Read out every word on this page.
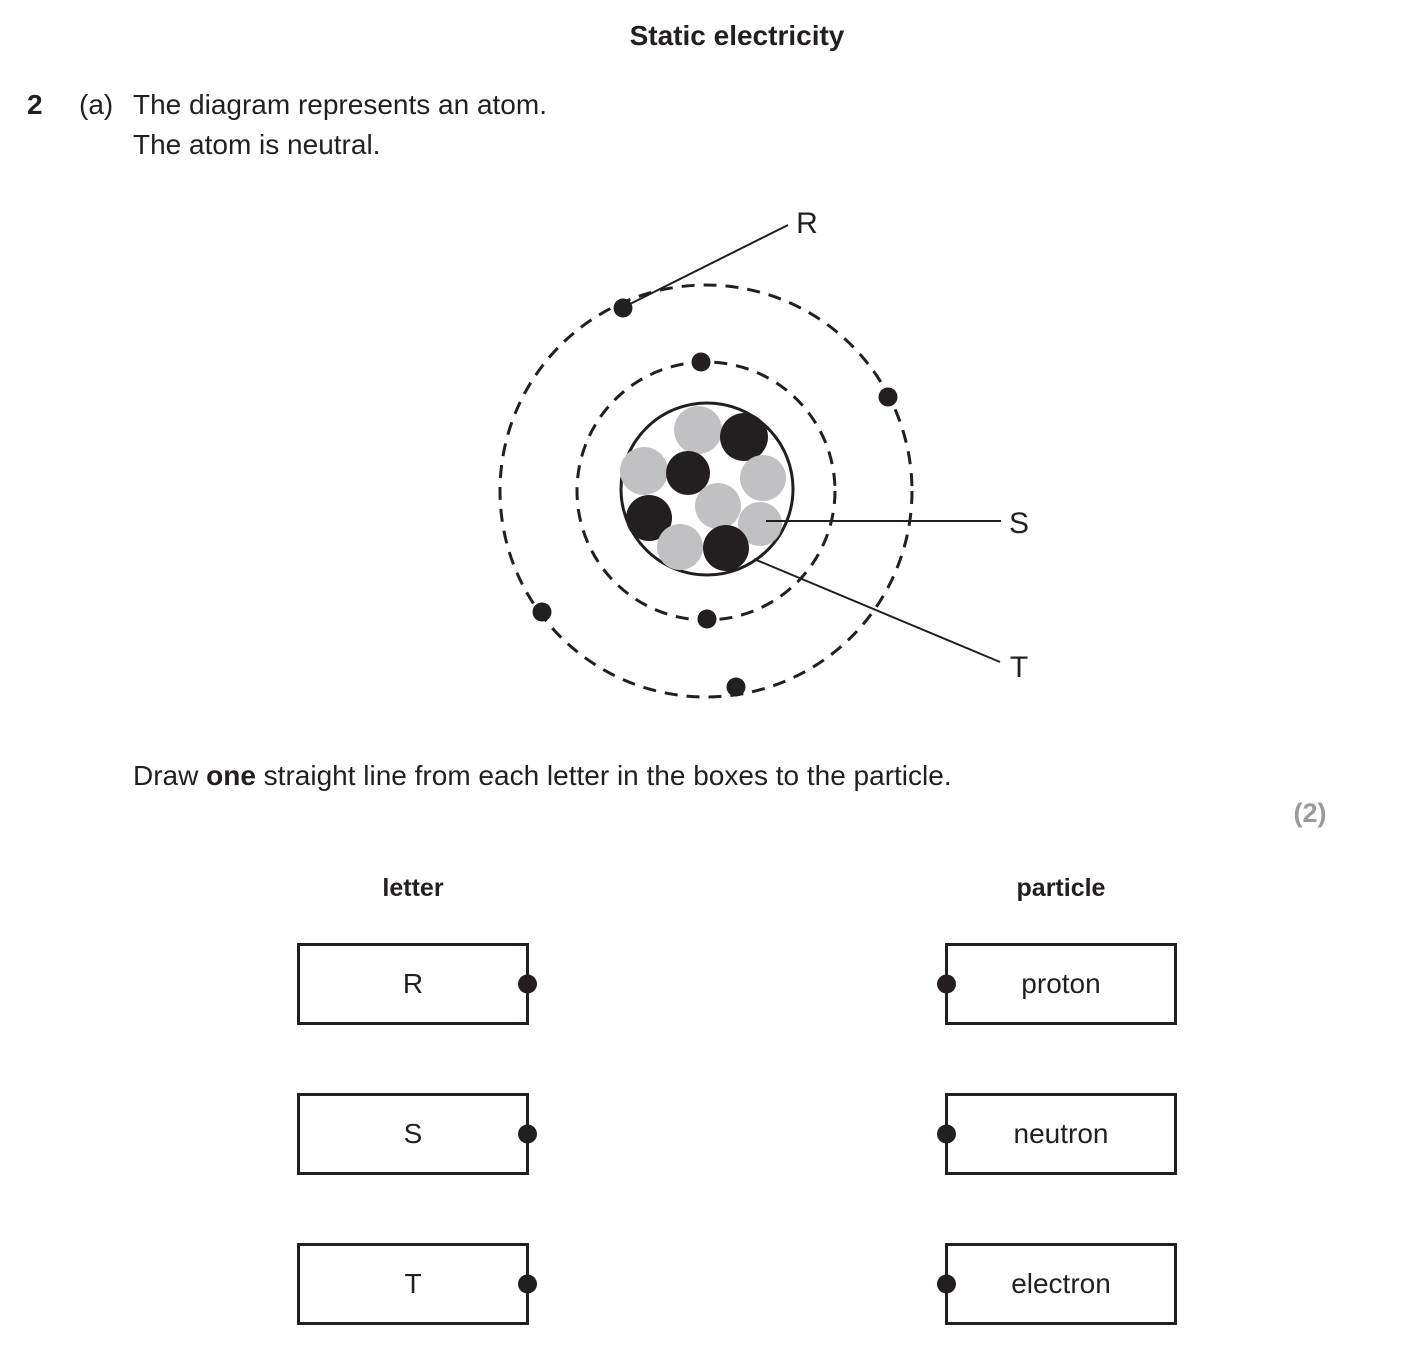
Static electricity
2 (a) The diagram represents an atom.
The atom is neutral.
R
S
T
Draw one straight line from each letter in the boxes to the particle.
(2)
letter	particle
R
S
T
proton
neutron
electron
